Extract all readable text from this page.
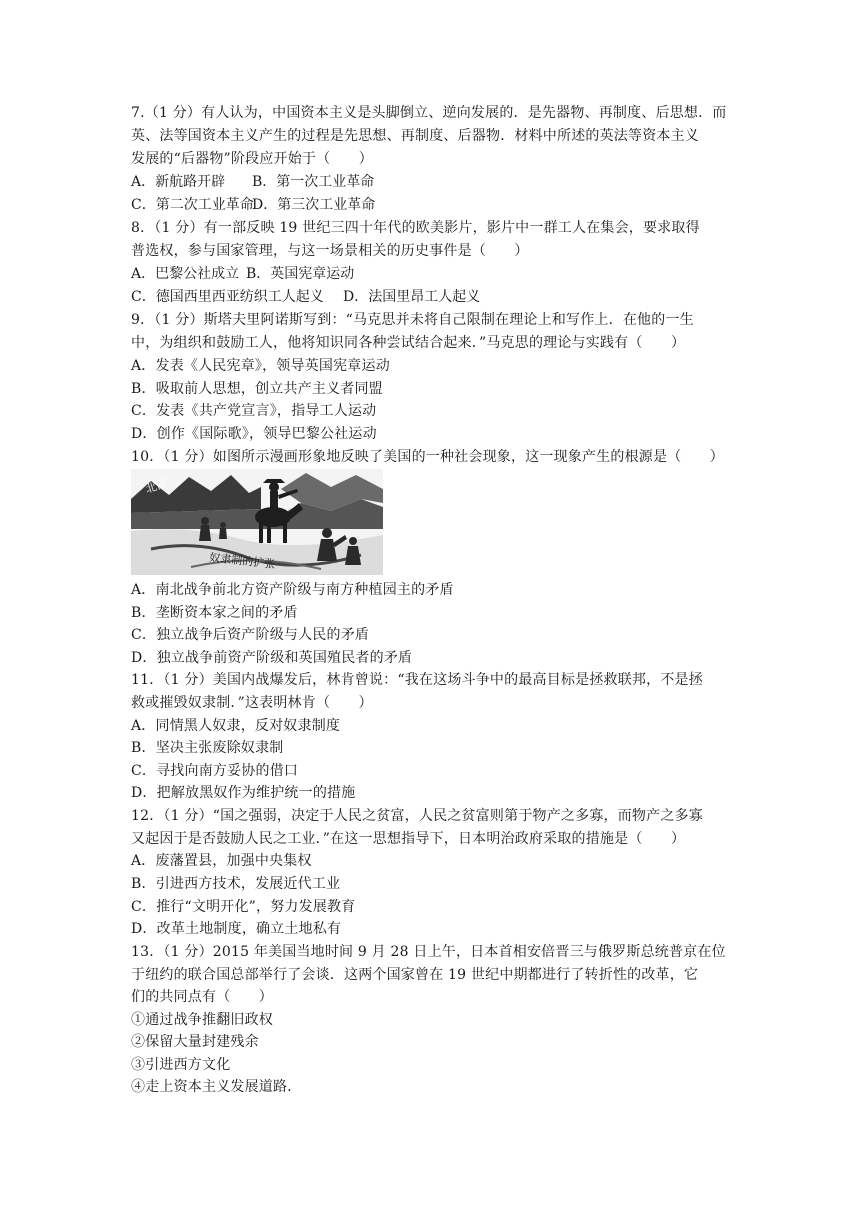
7.（1 分）有人认为，中国资本主义是头脚倒立、逆向发展的．是先器物、再制度、后思想．而
英、法等国资本主义产生的过程是先思想、再制度、后器物．材料中所述的英法等资本主义
发展的“后器物”阶段应开始于（　　）
A．新航路开辟 B．第一次工业革命
C．第二次工业革命D．第三次工业革命
8．（1 分）有一部反映 19 世纪三四十年代的欧美影片，影片中一群工人在集会，要求取得
普选权，参与国家管理，与这一场景相关的历史事件是（　　）
A．巴黎公社成立 B．英国宪章运动
C．德国西里西亚纺织工人起义 D．法国里昂工人起义
9．（1 分）斯塔夫里阿诺斯写到：“马克思并未将自己限制在理论上和写作上．在他的一生
中，为组织和鼓励工人，他将知识同各种尝试结合起来．”马克思的理论与实践有（　　）
A．发表《人民宪章》，领导英国宪章运动
B．吸取前人思想，创立共产主义者同盟
C．发表《共产党宣言》，指导工人运动
D．创作《国际歌》，领导巴黎公社运动
10．（1 分）如图所示漫画形象地反映了美国的一种社会现象，这一现象产生的根源是（　　）
北部
奴隶制的扩张
A．南北战争前北方资产阶级与南方种植园主的矛盾
B．垄断资本家之间的矛盾
C．独立战争后资产阶级与人民的矛盾
D．独立战争前资产阶级和英国殖民者的矛盾
11．（1 分）美国内战爆发后，林肯曾说：“我在这场斗争中的最高目标是拯救联邦，不是拯
救或摧毁奴隶制．”这表明林肯（　　）
A．同情黑人奴隶，反对奴隶制度
B．坚决主张废除奴隶制
C．寻找向南方妥协的借口
D．把解放黑奴作为维护统一的措施
12．（1 分）“国之强弱，决定于人民之贫富，人民之贫富则第于物产之多寡，而物产之多寡
又起因于是否鼓励人民之工业．”在这一思想指导下，日本明治政府采取的措施是（　　）
A．废藩置县，加强中央集权
B．引进西方技术，发展近代工业
C．推行“文明开化”，努力发展教育
D．改革土地制度，确立土地私有
13．（1 分）2015 年美国当地时间 9 月 28 日上午，日本首相安倍晋三与俄罗斯总统普京在位
于纽约的联合国总部举行了会谈．这两个国家曾在 19 世纪中期都进行了转折性的改革，它
们的共同点有（　　）
①通过战争推翻旧政权
②保留大量封建残余
③引进西方文化
④走上资本主义发展道路．
